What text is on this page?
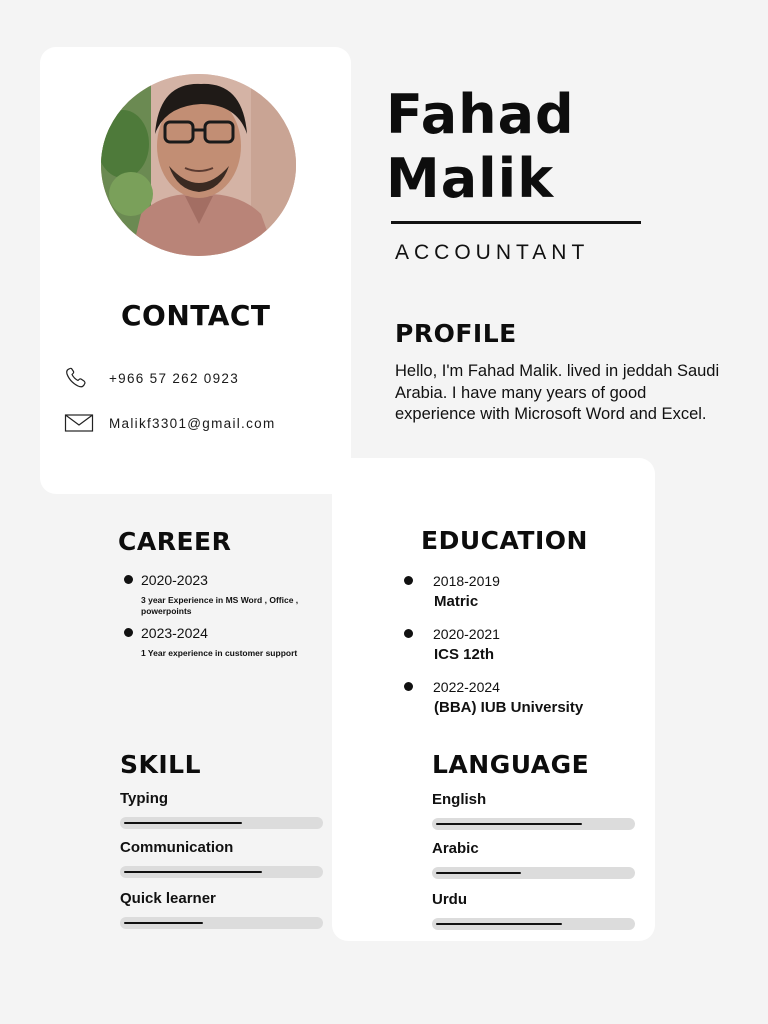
Fahad
Malik
ACCOUNTANT
CONTACT
+966 57 262 0923
Malikf3301@gmail.com
PROFILE
Hello, I'm Fahad Malik. lived in jeddah Saudi Arabia. I have many years of good experience with Microsoft Word and Excel.
CAREER
2020-2023
3 year Experience in MS Word , Office , powerpoints
2023-2024
1 Year experience in customer support
EDUCATION
2018-2019
Matric
2020-2021
ICS 12th
2022-2024
(BBA) IUB University
SKILL
Typing
Communication
Quick learner
LANGUAGE
English
Arabic
Urdu
